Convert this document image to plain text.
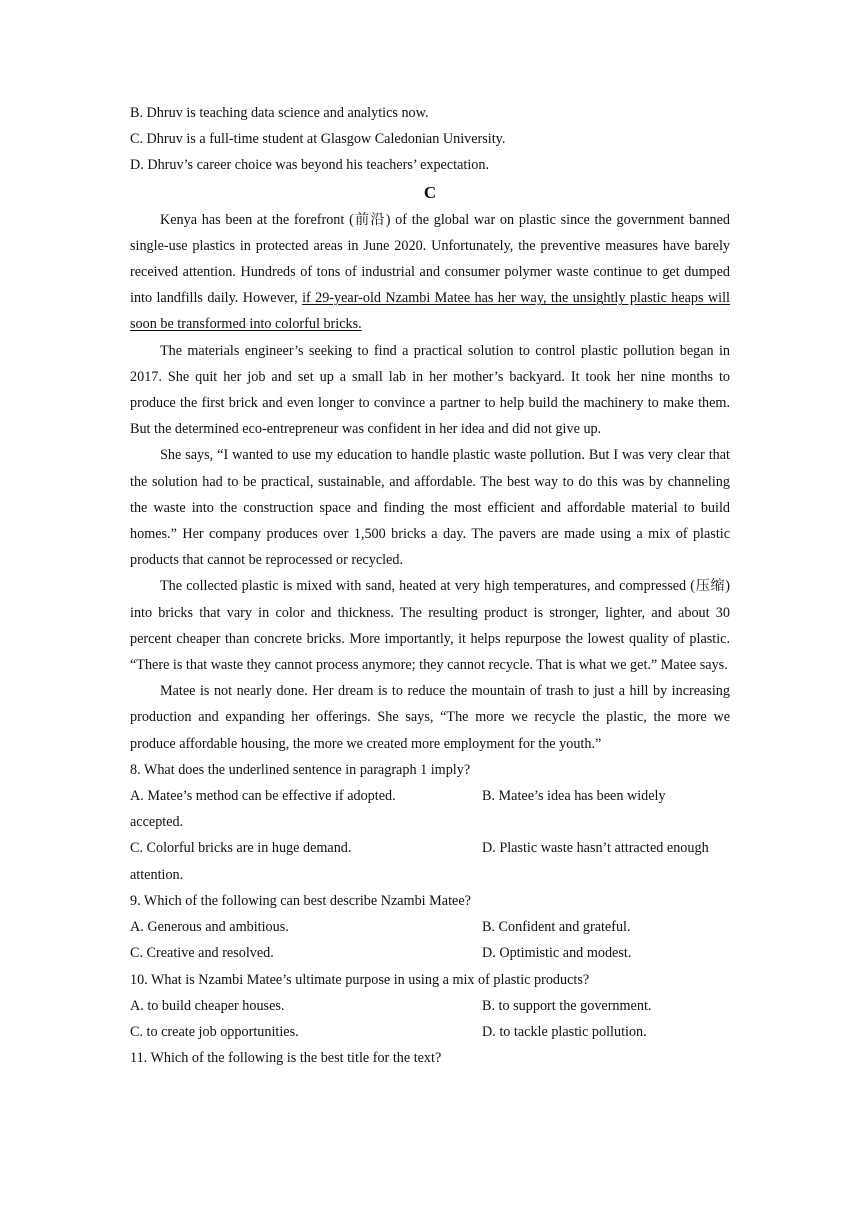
B. Dhruv is teaching data science and analytics now.

C. Dhruv is a full-time student at Glasgow Caledonian University.

D. Dhruv’s career choice was beyond his teachers’ expectation.

C

Kenya has been at the forefront (前沿) of the global war on plastic since the government banned single-use plastics in protected areas in June 2020. Unfortunately, the preventive measures have barely received attention. Hundreds of tons of industrial and consumer polymer waste continue to get dumped into landfills daily. However, if 29-year-old Nzambi Matee has her way, the unsightly plastic heaps will soon be transformed into colorful bricks.

The materials engineer’s seeking to find a practical solution to control plastic pollution began in 2017. She quit her job and set up a small lab in her mother’s backyard. It took her nine months to produce the first brick and even longer to convince a partner to help build the machinery to make them. But the determined eco-entrepreneur was confident in her idea and did not give up.

She says, “I wanted to use my education to handle plastic waste pollution. But I was very clear that the solution had to be practical, sustainable, and affordable. The best way to do this was by channeling the waste into the construction space and finding the most efficient and affordable material to build homes.” Her company produces over 1,500 bricks a day. The pavers are made using a mix of plastic products that cannot be reprocessed or recycled.

The collected plastic is mixed with sand, heated at very high temperatures, and compressed (压缩) into bricks that vary in color and thickness. The resulting product is stronger, lighter, and about 30 percent cheaper than concrete bricks. More importantly, it helps repurpose the lowest quality of plastic. “There is that waste they cannot process anymore; they cannot recycle. That is what we get.” Matee says.

Matee is not nearly done. Her dream is to reduce the mountain of trash to just a hill by increasing production and expanding her offerings. She says, “The more we recycle the plastic, the more we produce affordable housing, the more we created more employment for the youth.”

8. What does the underlined sentence in paragraph 1 imply?

A. Matee’s method can be effective if adopted.	B. Matee’s idea has been widely

accepted.

C. Colorful bricks are in huge demand.	D. Plastic waste hasn’t attracted enough

attention.

9. Which of the following can best describe Nzambi Matee?

A. Generous and ambitious.	B. Confident and grateful.
C. Creative and resolved.	D. Optimistic and modest.

10. What is Nzambi Matee’s ultimate purpose in using a mix of plastic products?

A. to build cheaper houses.	B. to support the government.
C. to create job opportunities.	D. to tackle plastic pollution.

11. Which of the following is the best title for the text?
